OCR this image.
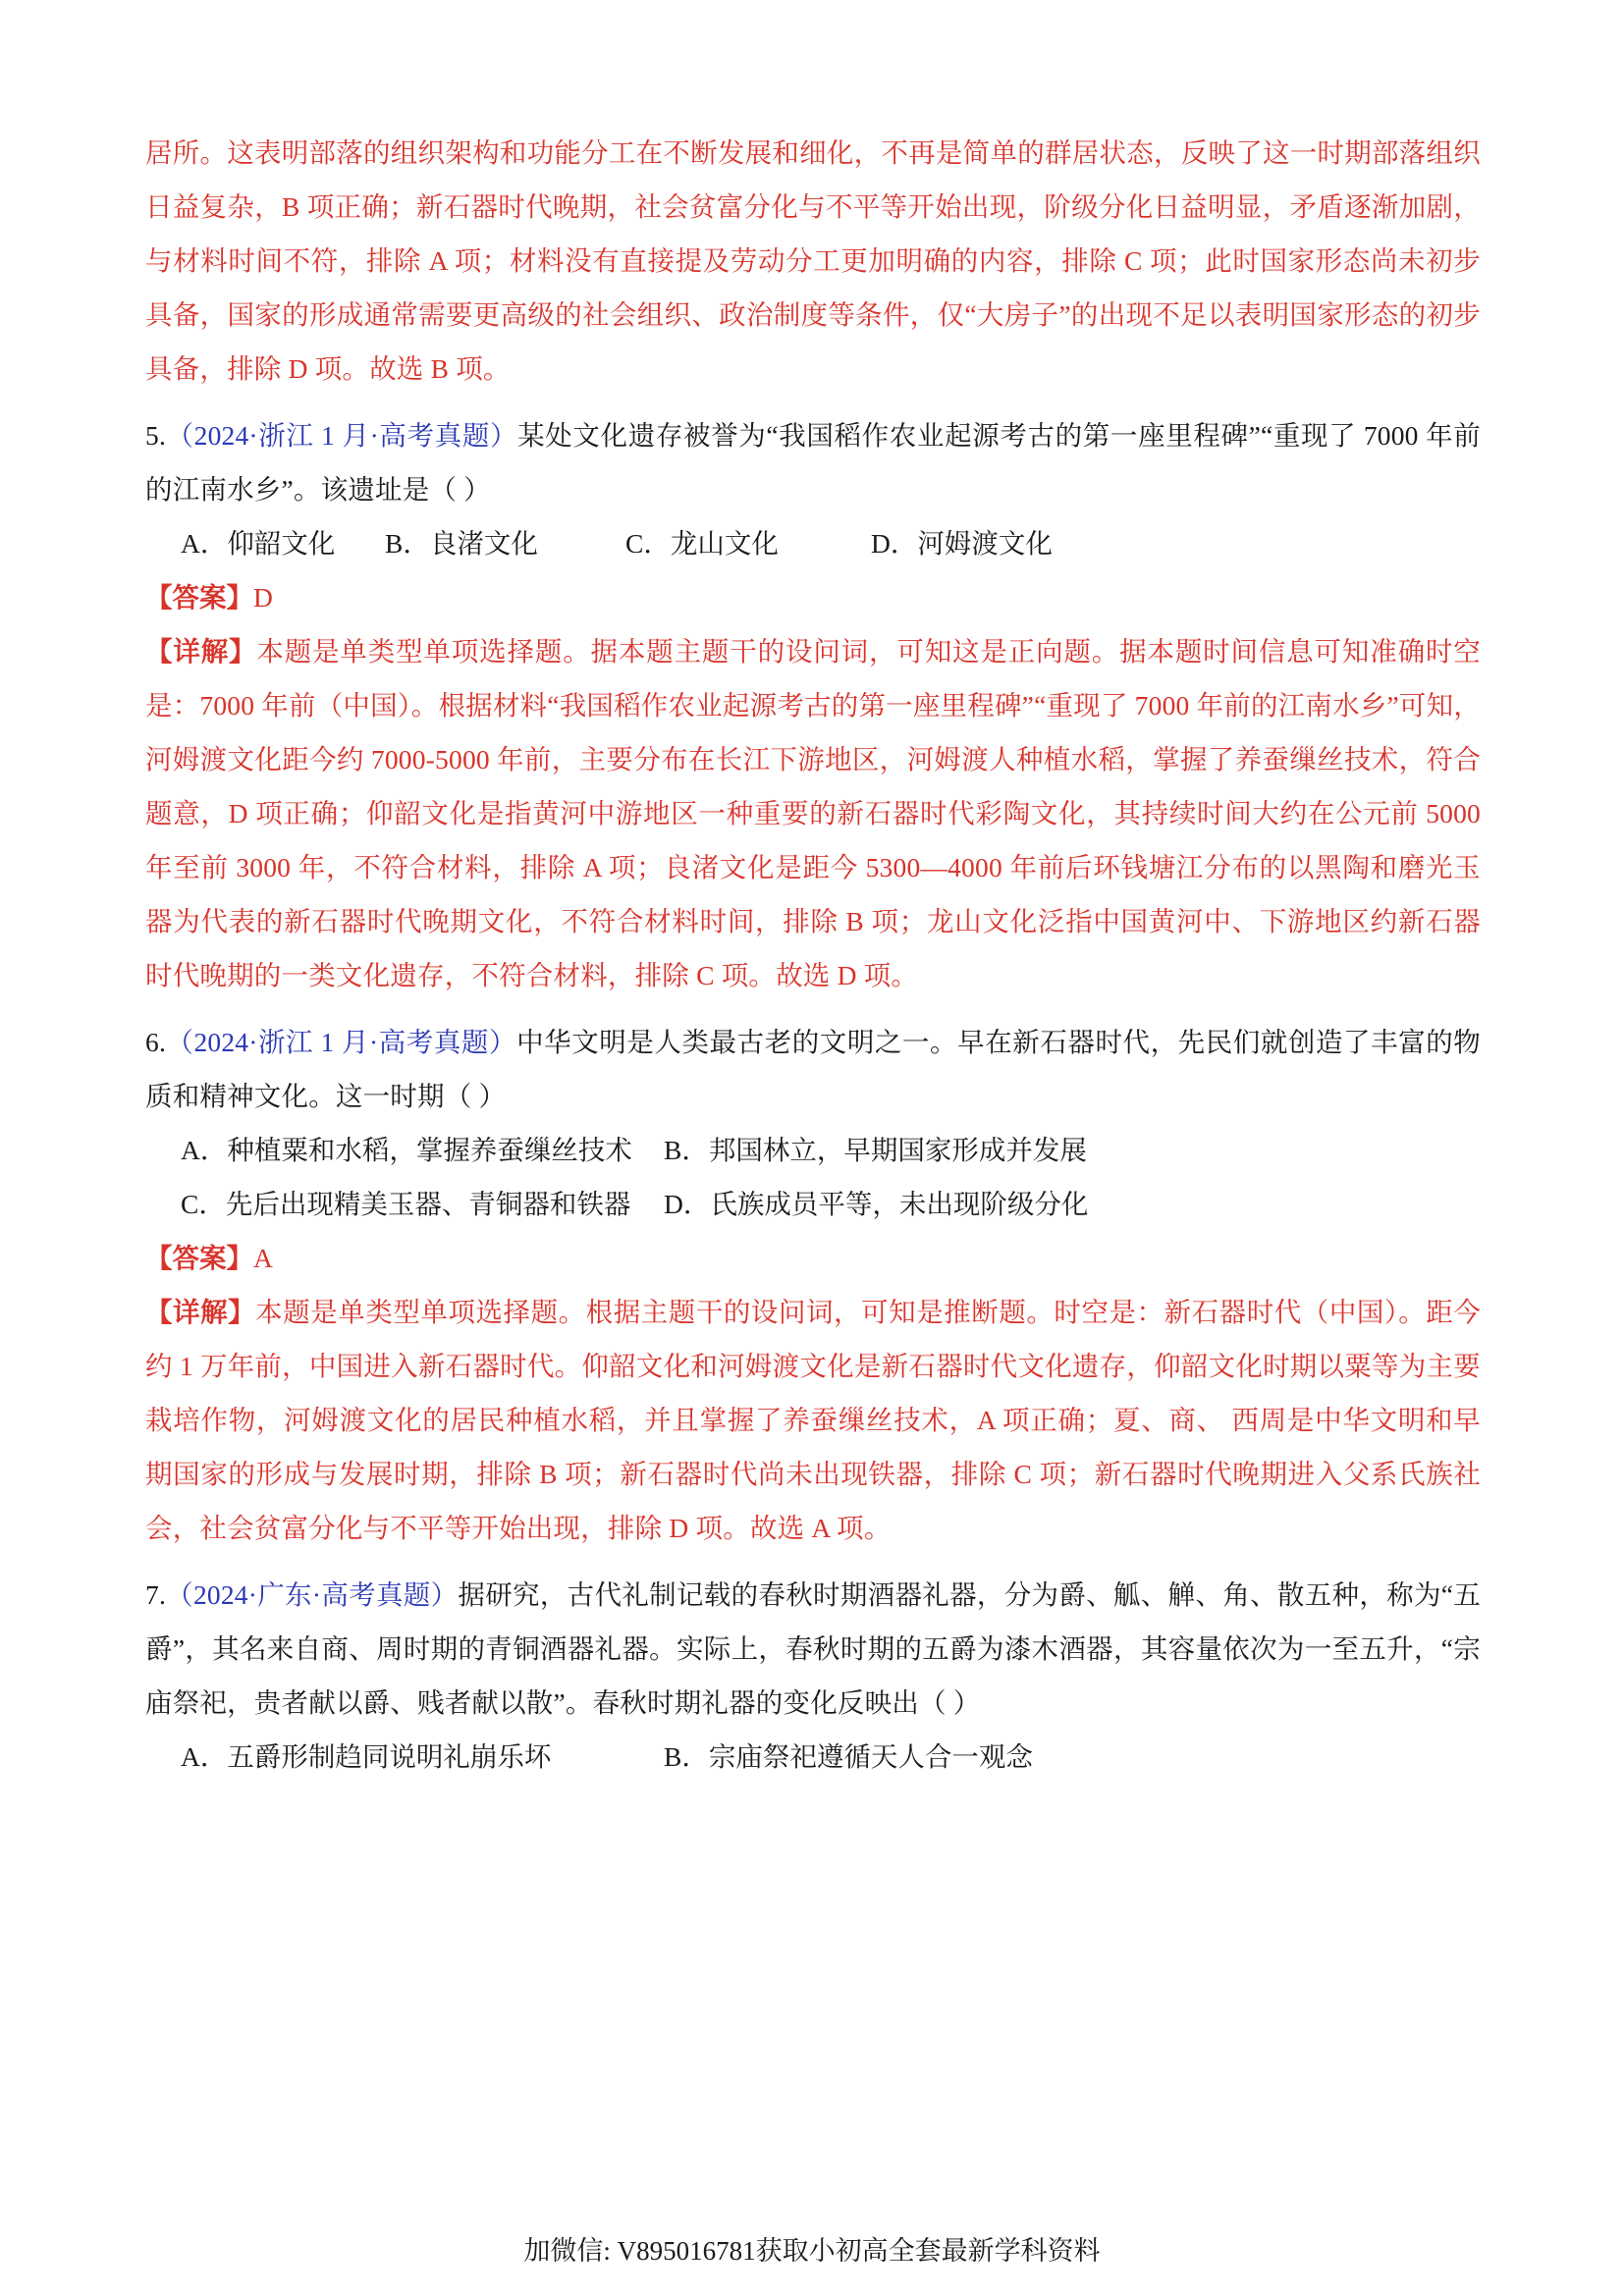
居所。这表明部落的组织架构和功能分工在不断发展和细化，不再是简单的群居状态，反映了这一时期部落组织日益复杂，B 项正确；新石器时代晚期，社会贫富分化与不平等开始出现，阶级分化日益明显，矛盾逐渐加剧，与材料时间不符，排除 A 项；材料没有直接提及劳动分工更加明确的内容，排除 C 项；此时国家形态尚未初步具备，国家的形成通常需要更高级的社会组织、政治制度等条件，仅“大房子”的出现不足以表明国家形态的初步具备，排除 D 项。故选 B 项。

5.（2024·浙江 1 月·高考真题）某处文化遗存被誉为“我国稻作农业起源考古的第一座里程碑”“重现了 7000 年前的江南水乡”。该遗址是（ ）

A．仰韶文化 B．良渚文化	C．龙山文化	D．河姆渡文化

【答案】D

【详解】本题是单类型单项选择题。据本题主题干的设问词，可知这是正向题。据本题时间信息可知准确时空是：7000 年前（中国）。根据材料“我国稻作农业起源考古的第一座里程碑”“重现了 7000 年前的江南水乡”可知，河姆渡文化距今约 7000-5000 年前，主要分布在长江下游地区，河姆渡人种植水稻，掌握了养蚕缫丝技术，符合题意，D 项正确；仰韶文化是指黄河中游地区一种重要的新石器时代彩陶文化，其持续时间大约在公元前 5000 年至前 3000 年，不符合材料，排除 A 项；良渚文化是距今 5300—4000 年前后环钱塘江分布的以黑陶和磨光玉器为代表的新石器时代晚期文化，不符合材料时间，排除 B 项；龙山文化泛指中国黄河中、下游地区约新石器时代晚期的一类文化遗存，不符合材料，排除 C 项。故选 D 项。

6.（2024·浙江 1 月·高考真题）中华文明是人类最古老的文明之一。早在新石器时代，先民们就创造了丰富的物质和精神文化。这一时期（ ）

A．种植粟和水稻，掌握养蚕缫丝技术 B．邦国林立，早期国家形成并发展
C．先后出现精美玉器、青铜器和铁器 D．氏族成员平等，未出现阶级分化

【答案】A

【详解】本题是单类型单项选择题。根据主题干的设问词，可知是推断题。时空是：新石器时代（中国）。距今约 1 万年前，中国进入新石器时代。仰韶文化和河姆渡文化是新石器时代文化遗存，仰韶文化时期以粟等为主要栽培作物，河姆渡文化的居民种植水稻，并且掌握了养蚕缫丝技术，A 项正确；夏、商、 西周是中华文明和早期国家的形成与发展时期，排除 B 项；新石器时代尚未出现铁器，排除 C 项；新石器时代晚期进入父系氏族社会，社会贫富分化与不平等开始出现，排除 D 项。故选 A 项。

7.（2024·广东·高考真题）据研究，古代礼制记载的春秋时期酒器礼器，分为爵、觚、觯、角、散五种，称为“五爵”，其名来自商、周时期的青铜酒器礼器。实际上，春秋时期的五爵为漆木酒器，其容量依次为一至五升，“宗庙祭祀，贵者献以爵、贱者献以散”。春秋时期礼器的变化反映出（ ）

A．五爵形制趋同说明礼崩乐坏	B．宗庙祭祀遵循天人合一观念
加微信: V895016781获取小初高全套最新学科资料
